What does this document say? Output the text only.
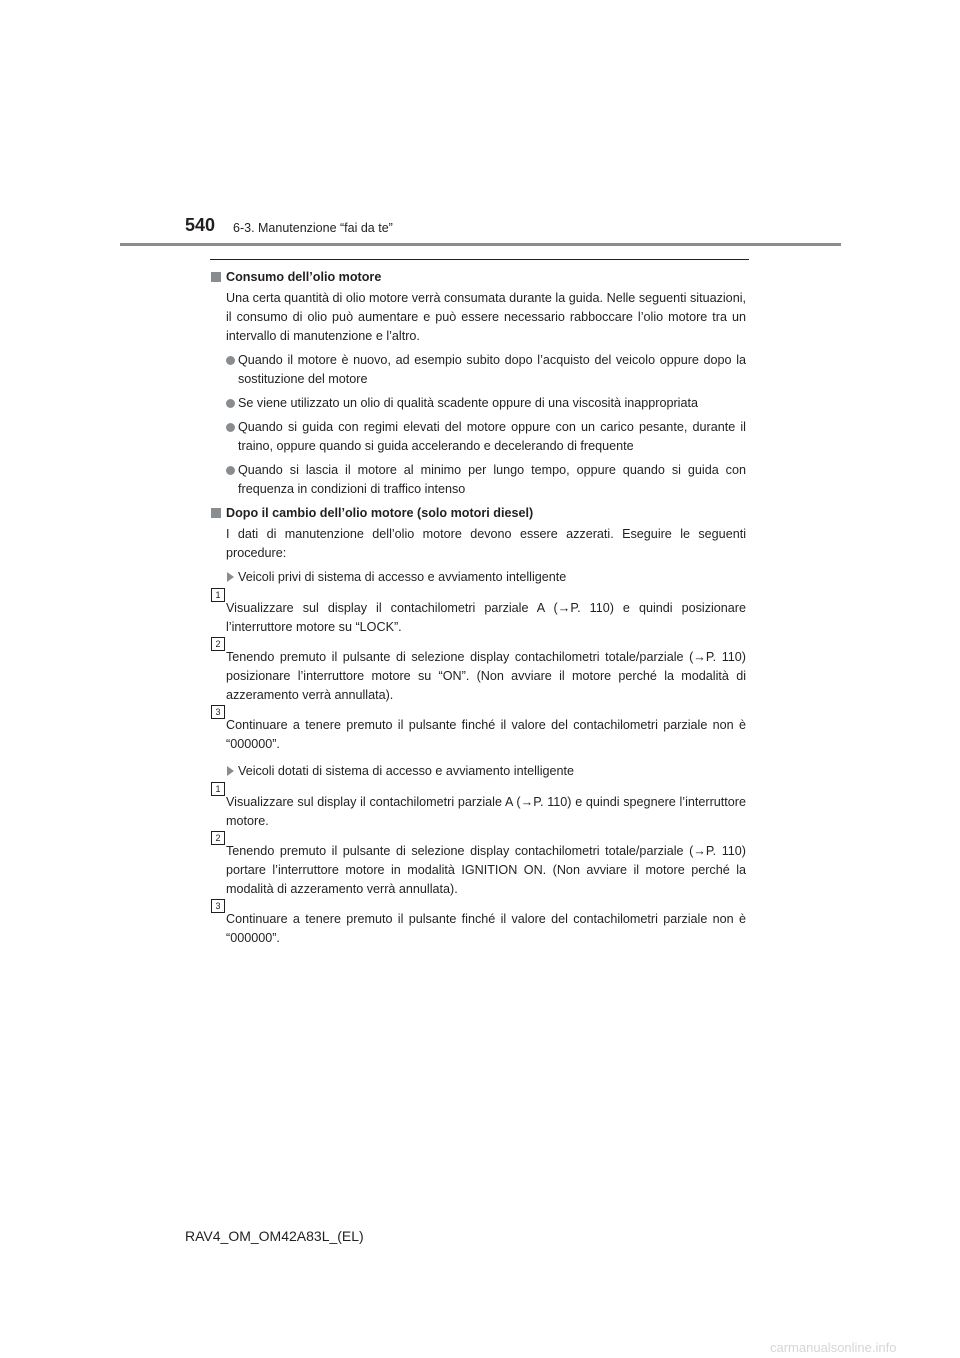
540 6-3. Manutenzione “fai da te”
Consumo dell’olio motore
Una certa quantità di olio motore verrà consumata durante la guida. Nelle seguenti situazioni, il consumo di olio può aumentare e può essere necessario rabboccare l’olio motore tra un intervallo di manutenzione e l’altro.
Quando il motore è nuovo, ad esempio subito dopo l’acquisto del veicolo oppure dopo la sostituzione del motore
Se viene utilizzato un olio di qualità scadente oppure di una viscosità inappropriata
Quando si guida con regimi elevati del motore oppure con un carico pesante, durante il traino, oppure quando si guida accelerando e decelerando di frequente
Quando si lascia il motore al minimo per lungo tempo, oppure quando si guida con frequenza in condizioni di traffico intenso
Dopo il cambio dell’olio motore (solo motori diesel)
I dati di manutenzione dell’olio motore devono essere azzerati. Eseguire le seguenti procedure:
Veicoli privi di sistema di accesso e avviamento intelligente
1
Visualizzare sul display il contachilometri parziale A (→P. 110) e quindi posizionare l’interruttore motore su “LOCK”.
2
Tenendo premuto il pulsante di selezione display contachilometri totale/parziale (→P. 110) posizionare l’interruttore motore su “ON”. (Non avviare il motore perché la modalità di azzeramento verrà annullata).
3
Continuare a tenere premuto il pulsante finché il valore del contachilometri parziale non è “000000”.
Veicoli dotati di sistema di accesso e avviamento intelligente
1
Visualizzare sul display il contachilometri parziale A (→P. 110) e quindi spegnere l’interruttore motore.
2
Tenendo premuto il pulsante di selezione display contachilometri totale/parziale (→P. 110) portare l’interruttore motore in modalità IGNITION ON. (Non avviare il motore perché la modalità di azzeramento verrà annullata).
3
Continuare a tenere premuto il pulsante finché il valore del contachilometri parziale non è “000000”.
RAV4_OM_OM42A83L_(EL)
carmanualsonline.info
